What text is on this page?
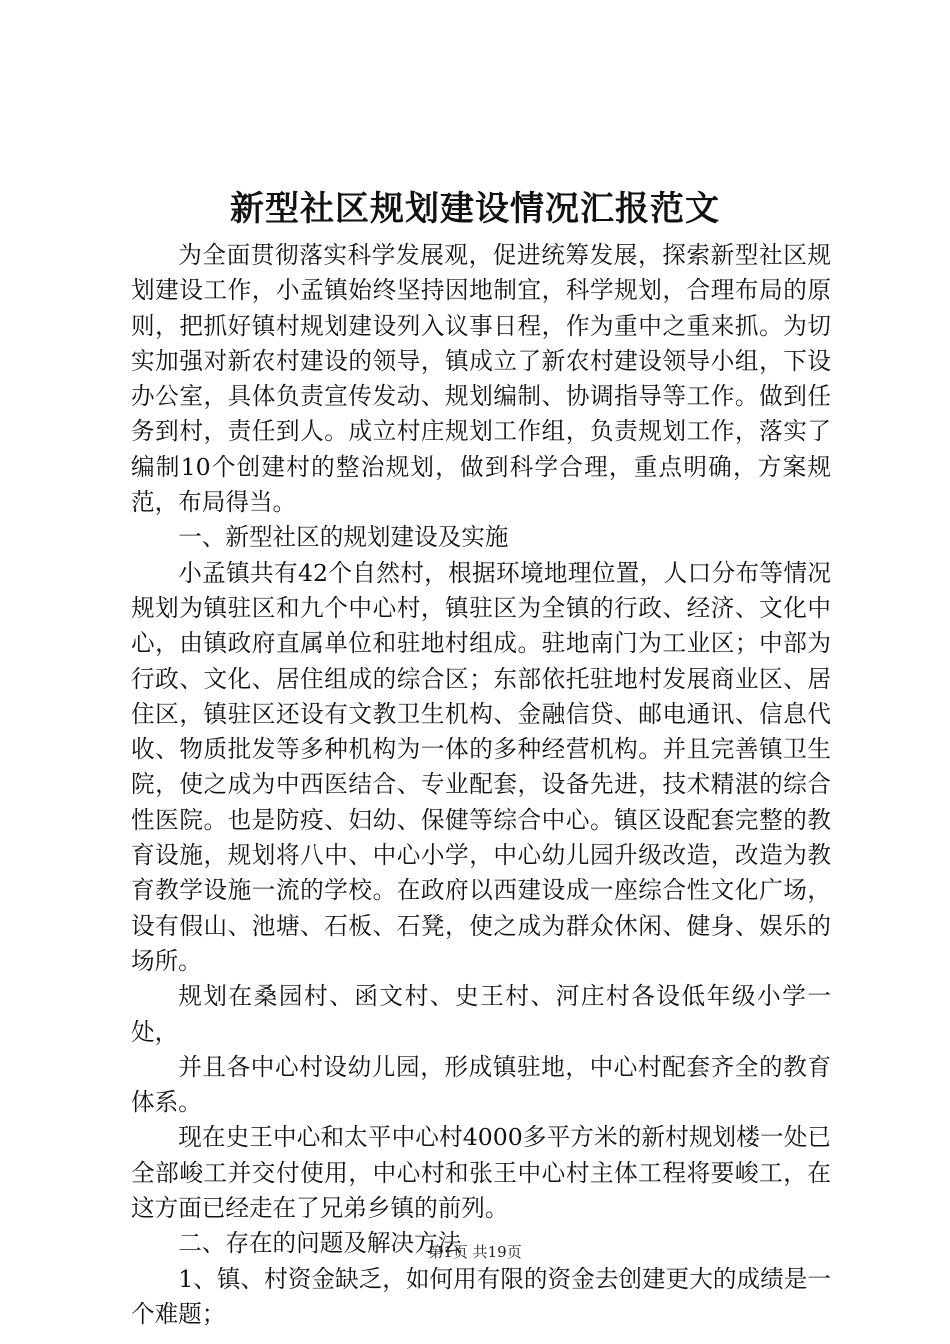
新型社区规划建设情况汇报范文

为全面贯彻落实科学发展观，促进统筹发展，探索新型社区规划建设工作，小孟镇始终坚持因地制宜，科学规划，合理布局的原则，把抓好镇村规划建设列入议事日程，作为重中之重来抓。为切实加强对新农村建设的领导，镇成立了新农村建设领导小组，下设办公室，具体负责宣传发动、规划编制、协调指导等工作。做到任务到村，责任到人。成立村庄规划工作组，负责规划工作，落实了编制10个创建村的整治规划，做到科学合理，重点明确，方案规范，布局得当。

一、新型社区的规划建设及实施

小孟镇共有42个自然村，根据环境地理位置，人口分布等情况规划为镇驻区和九个中心村，镇驻区为全镇的行政、经济、文化中心，由镇政府直属单位和驻地村组成。驻地南门为工业区；中部为行政、文化、居住组成的综合区；东部依托驻地村发展商业区、居住区，镇驻区还设有文教卫生机构、金融信贷、邮电通讯、信息代收、物质批发等多种机构为一体的多种经营机构。并且完善镇卫生院，使之成为中西医结合、专业配套，设备先进，技术精湛的综合性医院。也是防疫、妇幼、保健等综合中心。镇区设配套完整的教育设施，规划将八中、中心小学，中心幼儿园升级改造，改造为教育教学设施一流的学校。在政府以西建设成一座综合性文化广场，设有假山、池塘、石板、石凳，使之成为群众休闲、健身、娱乐的场所。

规划在桑园村、函文村、史王村、河庄村各设低年级小学一处，

并且各中心村设幼儿园，形成镇驻地，中心村配套齐全的教育体系。

现在史王中心和太平中心村4000多平方米的新村规划楼一处已全部峻工并交付使用，中心村和张王中心村主体工程将要峻工，在这方面已经走在了兄弟乡镇的前列。

二、存在的问题及解决方法

1、镇、村资金缺乏，如何用有限的资金去创建更大的成绩是一个难题；

第1页 共19页
